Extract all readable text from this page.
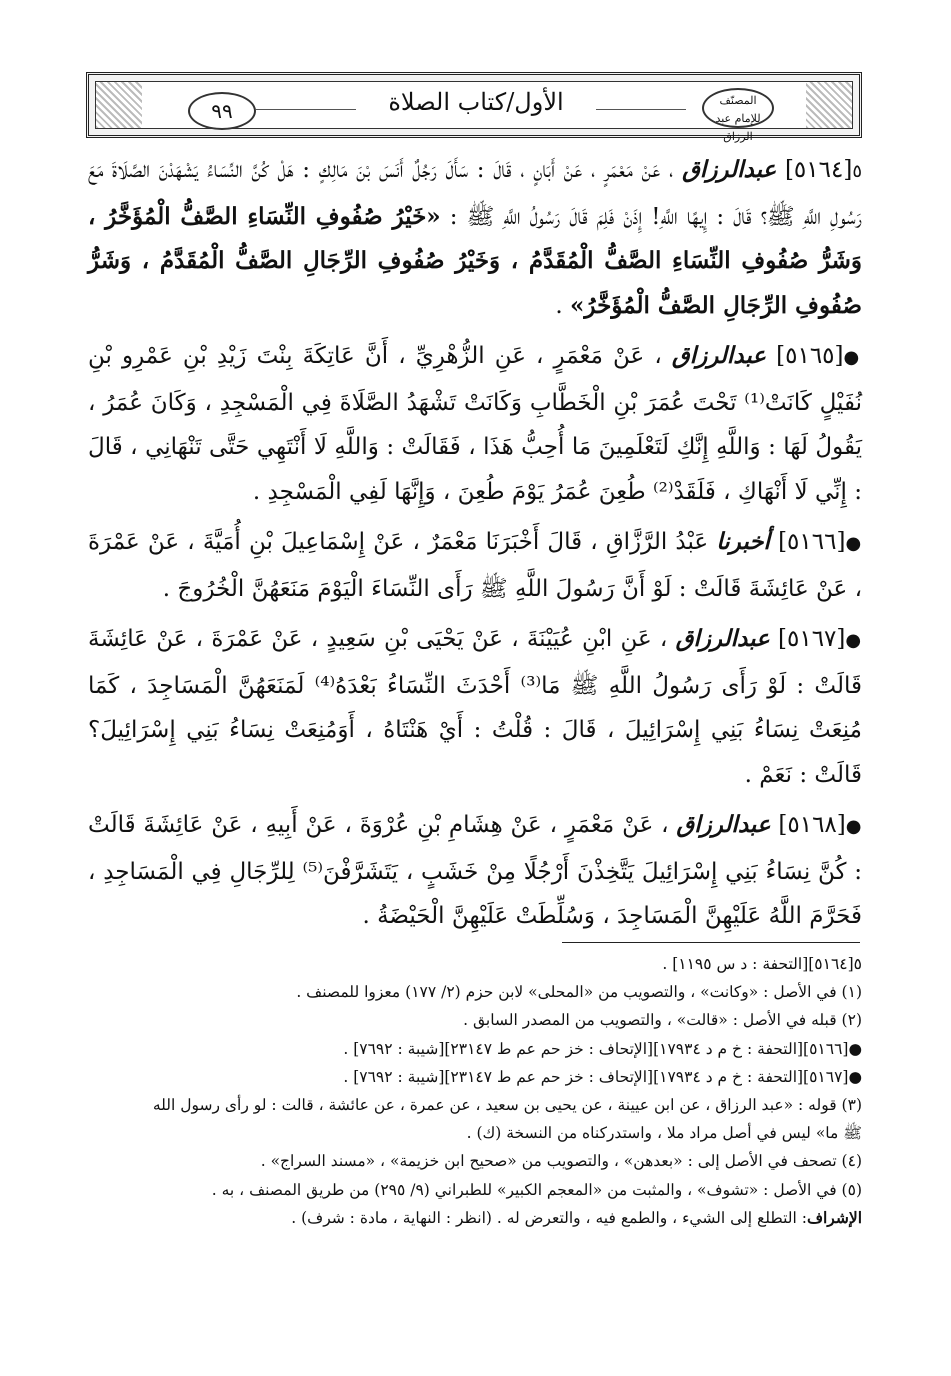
٩٩	الأول/كتاب الصلاة	المصنّف
للإمام عبد الرزاق

٥[٥١٦٤] عبدالرزاق ، عَنْ مَعْمَرٍ ، عَنْ أَبَانٍ ، قَالَ : سَأَلَ رَجُلٌ أَنَسَ بْنَ مَالِكٍ : هَلْ كُنَّ النِّسَاءُ يَشْهَدْنَ الصَّلَاةَ مَعَ رَسُولِ اللَّهِ ﷺ؟ قَالَ : إِيهًا اللَّهِ! إِذَنْ فَلِمَ قَالَ رَسُولُ اللَّهِ ﷺ : «خَيْرُ صُفُوفِ النِّسَاءِ الصَّفُّ الْمُؤَخَّرُ ، وَشَرُّ صُفُوفِ النِّسَاءِ الصَّفُّ الْمُقَدَّمُ ، وَخَيْرُ صُفُوفِ الرِّجَالِ الصَّفُّ الْمُقَدَّمُ ، وَشَرُّ صُفُوفِ الرِّجَالِ الصَّفُّ الْمُؤَخَّرُ» .

●[٥١٦٥] عبدالرزاق ، عَنْ مَعْمَرٍ ، عَنِ الزُّهْرِيِّ ، أَنَّ عَاتِكَةَ بِنْتَ زَيْدِ بْنِ عَمْرِو بْنِ نُفَيْلٍ كَانَتْ⁽¹⁾ تَحْتَ عُمَرَ بْنِ الْخَطَّابِ وَكَانَتْ تَشْهَدُ الصَّلَاةَ فِي الْمَسْجِدِ ، وَكَانَ عُمَرُ ، يَقُولُ لَهَا : وَاللَّهِ إِنَّكِ لَتَعْلَمِينَ مَا أُحِبُّ هَذَا ، فَقَالَتْ : وَاللَّهِ لَا أَنْتَهِي حَتَّى تَنْهَانِي ، قَالَ : إِنِّي لَا أَنْهَاكِ ، فَلَقَدْ⁽²⁾ طُعِنَ عُمَرُ يَوْمَ طُعِنَ ، وَإِنَّهَا لَفِي الْمَسْجِدِ .

●[٥١٦٦] أخبرنا عَبْدُ الرَّزَّاقِ ، قَالَ أَخْبَرَنَا مَعْمَرٌ ، عَنْ إِسْمَاعِيلَ بْنِ أُمَيَّةَ ، عَنْ عَمْرَةَ ، عَنْ عَائِشَةَ قَالَتْ : لَوْ أَنَّ رَسُولَ اللَّهِ ﷺ رَأَى النِّسَاءَ الْيَوْمَ مَنَعَهُنَّ الْخُرُوجَ .

●[٥١٦٧] عبدالرزاق ، عَنِ ابْنِ عُيَيْنَةَ ، عَنْ يَحْيَى بْنِ سَعِيدٍ ، عَنْ عَمْرَةَ ، عَنْ عَائِشَةَ قَالَتْ : لَوْ رَأَى رَسُولُ اللَّهِ ﷺ مَا⁽³⁾ أَحْدَثَ النِّسَاءُ بَعْدَهُ⁽⁴⁾ لَمَنَعَهُنَّ الْمَسَاجِدَ ، كَمَا مُنِعَتْ نِسَاءُ بَنِي إِسْرَائِيلَ ، قَالَ : قُلْتُ : أَيْ هَنْتَاهُ ، أَوَمُنِعَتْ نِسَاءُ بَنِي إِسْرَائِيلَ؟ قَالَتْ : نَعَمْ .

●[٥١٦٨] عبدالرزاق ، عَنْ مَعْمَرٍ ، عَنْ هِشَامِ بْنِ عُرْوَةَ ، عَنْ أَبِيهِ ، عَنْ عَائِشَةَ قَالَتْ : كُنَّ نِسَاءُ بَنِي إِسْرَائِيلَ يَتَّخِذْنَ أَرْجُلًا مِنْ خَشَبٍ ، يَتَشَرَّفْنَ⁽⁵⁾ لِلرِّجَالِ فِي الْمَسَاجِدِ ، فَحَرَّمَ اللَّهُ عَلَيْهِنَّ الْمَسَاجِدَ ، وَسُلِّطَتْ عَلَيْهِنَّ الْحَيْضَةُ .

٥[٥١٦٤][التحفة : د س ١١٩٥] .

(١) في الأصل : «وكانت» ، والتصويب من «المحلى» لابن حزم (٢/ ١٧٧) معزوا للمصنف .

(٢) قبله في الأصل : «قالت» ، والتصويب من المصدر السابق .

●[٥١٦٦][التحفة : خ م د ١٧٩٣٤][الإتحاف : خز حم عم ط ٢٣١٤٧][شيبة : ٧٦٩٢] .

●[٥١٦٧][التحفة : خ م د ١٧٩٣٤][الإتحاف : خز حم عم ط ٢٣١٤٧][شيبة : ٧٦٩٢] .

(٣) قوله : «عبد الرزاق ، عن ابن عيينة ، عن يحيى بن سعيد ، عن عمرة ، عن عائشة ، قالت : لو رأى رسول الله ﷺ ما» ليس في أصل مراد ملا ، واستدركناه من النسخة (ك) .

(٤) تصحف في الأصل إلى : «بعدهن» ، والتصويب من «صحيح ابن خزيمة» ، «مسند السراج» .

(٥) في الأصل : «تشوف» ، والمثبت من «المعجم الكبير» للطبراني (٩/ ٢٩٥) من طريق المصنف ، به .

الإشراف: التطلع إلى الشيء ، والطمع فيه ، والتعرض له . (انظر : النهاية ، مادة : شرف) .
